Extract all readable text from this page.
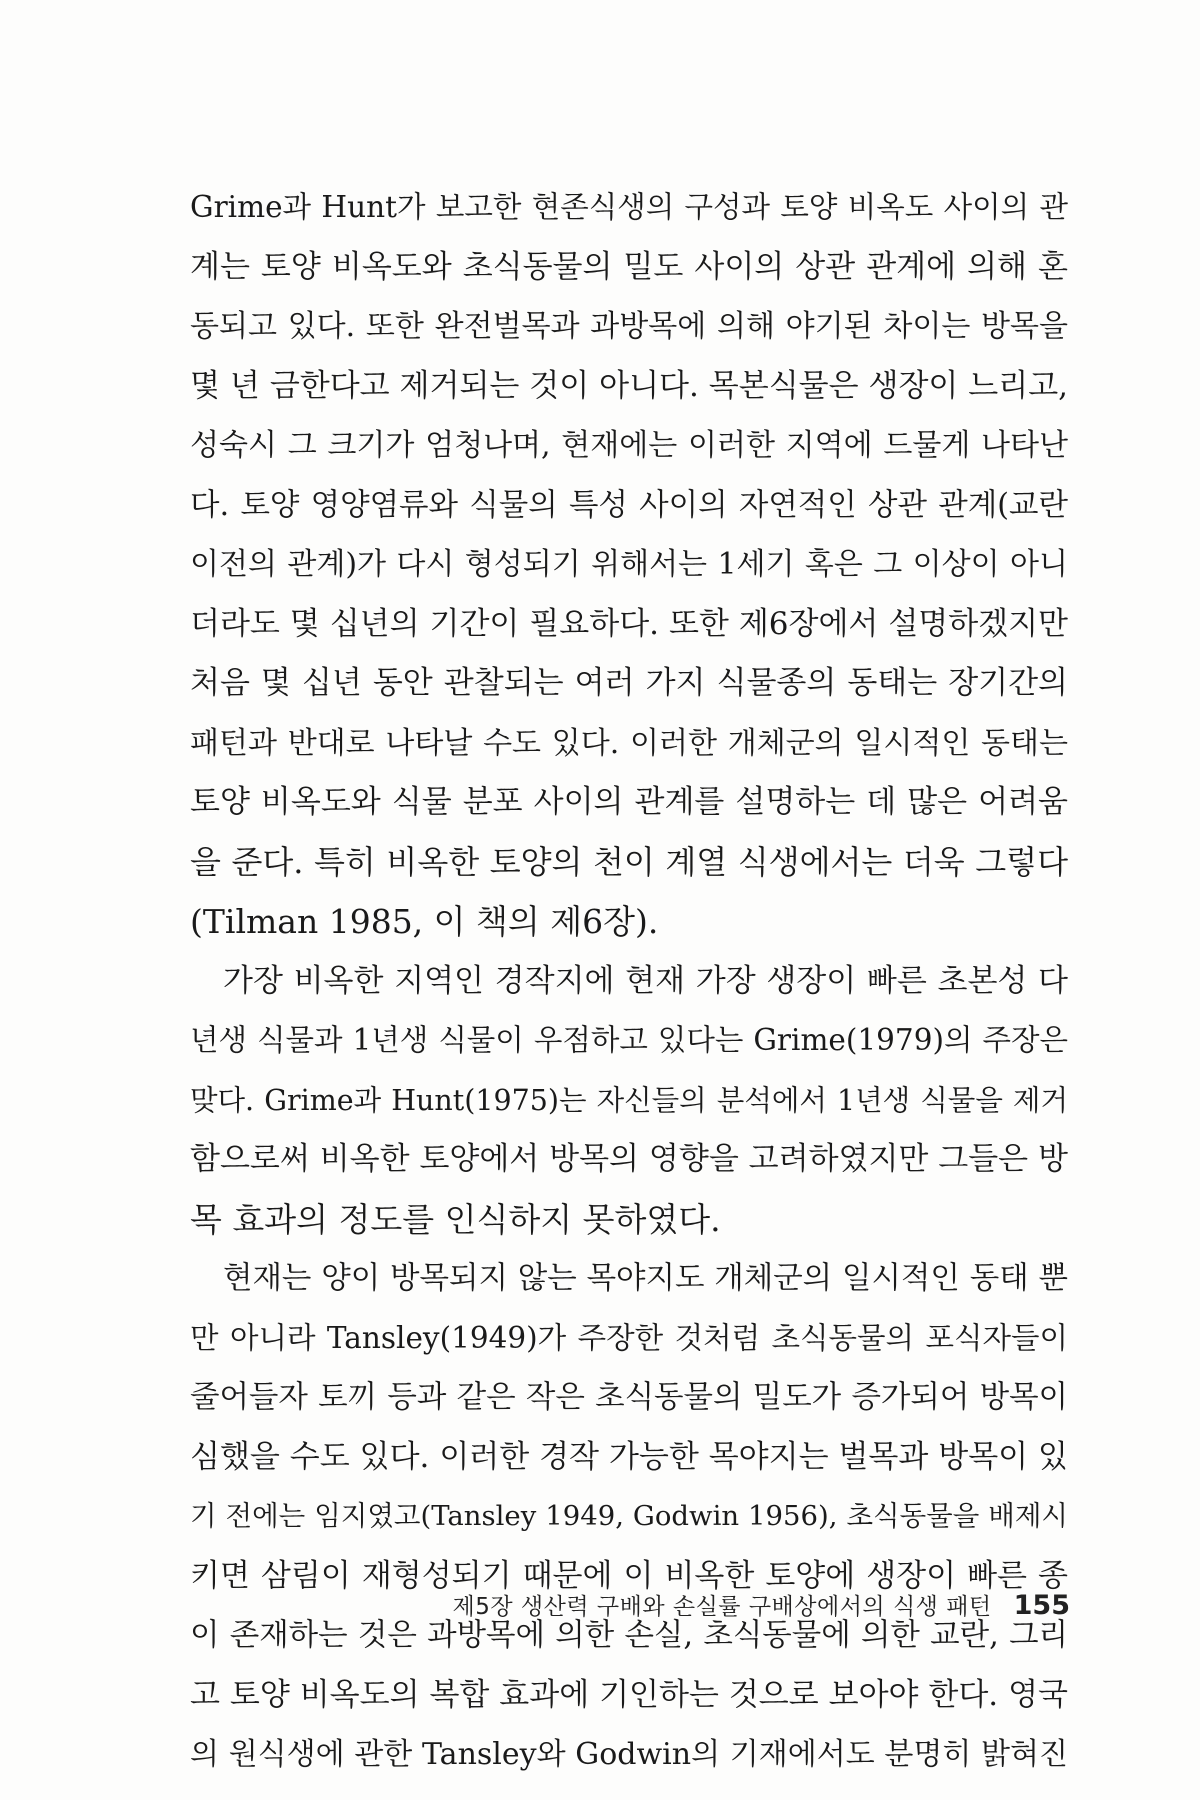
Grime과 Hunt가 보고한 현존식생의 구성과 토양 비옥도 사이의 관
계는 토양 비옥도와 초식동물의 밀도 사이의 상관 관계에 의해 혼
동되고 있다. 또한 완전벌목과 과방목에 의해 야기된 차이는 방목을
몇 년 금한다고 제거되는 것이 아니다. 목본식물은 생장이 느리고,
성숙시 그 크기가 엄청나며, 현재에는 이러한 지역에 드물게 나타난
다. 토양 영양염류와 식물의 특성 사이의 자연적인 상관 관계(교란
이전의 관계)가 다시 형성되기 위해서는 1세기 혹은 그 이상이 아니
더라도 몇 십년의 기간이 필요하다. 또한 제6장에서 설명하겠지만
처음 몇 십년 동안 관찰되는 여러 가지 식물종의 동태는 장기간의
패턴과 반대로 나타날 수도 있다. 이러한 개체군의 일시적인 동태는
토양 비옥도와 식물 분포 사이의 관계를 설명하는 데 많은 어려움
을 준다. 특히 비옥한 토양의 천이 계열 식생에서는 더욱 그렇다
(Tilman 1985, 이 책의 제6장).
가장 비옥한 지역인 경작지에 현재 가장 생장이 빠른 초본성 다
년생 식물과 1년생 식물이 우점하고 있다는 Grime(1979)의 주장은
맞다. Grime과 Hunt(1975)는 자신들의 분석에서 1년생 식물을 제거
함으로써 비옥한 토양에서 방목의 영향을 고려하였지만 그들은 방
목 효과의 정도를 인식하지 못하였다.
현재는 양이 방목되지 않는 목야지도 개체군의 일시적인 동태 뿐
만 아니라 Tansley(1949)가 주장한 것처럼 초식동물의 포식자들이
줄어들자 토끼 등과 같은 작은 초식동물의 밀도가 증가되어 방목이
심했을 수도 있다. 이러한 경작 가능한 목야지는 벌목과 방목이 있
기 전에는 임지였고(Tansley 1949, Godwin 1956), 초식동물을 배제시
키면 삼림이 재형성되기 때문에 이 비옥한 토양에 생장이 빠른 종
이 존재하는 것은 과방목에 의한 손실, 초식동물에 의한 교란, 그리
고 토양 비옥도의 복합 효과에 기인하는 것으로 보아야 한다. 영국
의 원식생에 관한 Tansley와 Godwin의 기재에서도 분명히 밝혀진
제5장 생산력 구배와 손실률 구배상에서의 식생 패턴 155
